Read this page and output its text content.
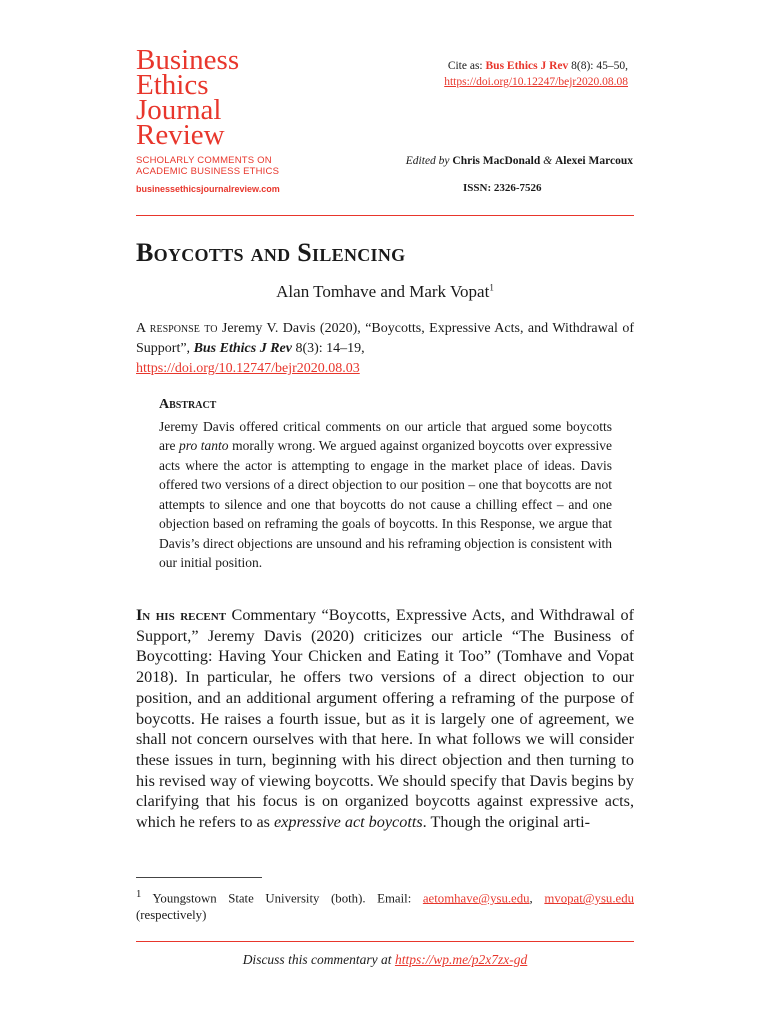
Business
Ethics
Journal
Review
SCHOLARLY COMMENTS ON
ACADEMIC BUSINESS ETHICS
businessethicsjournalreview.com
Cite as: Bus Ethics J Rev 8(8): 45–50,
https://doi.org/10.12247/bejr2020.08.08
Edited by Chris MacDonald & Alexei Marcoux
ISSN: 2326-7526
Boycotts and Silencing
Alan Tomhave and Mark Vopat$^1$
A response to Jeremy V. Davis (2020), “Boycotts, Expressive Acts, and Withdrawal of Support”, Bus Ethics J Rev 8(3): 14–19,
https://doi.org/10.12747/bejr2020.08.03
Abstract
Jeremy Davis offered critical comments on our article that argued some boycotts are pro tanto morally wrong. We argued against organized boycotts over expressive acts where the actor is attempting to engage in the market place of ideas. Davis offered two versions of a direct objection to our position – one that boycotts are not attempts to silence and one that boycotts do not cause a chilling effect – and one objection based on reframing the goals of boycotts. In this Response, we argue that Davis’s direct objections are unsound and his reframing objection is consistent with our initial position.
In his recent Commentary “Boycotts, Expressive Acts, and Withdrawal of Support,” Jeremy Davis (2020) criticizes our article “The Business of Boycotting: Having Your Chicken and Eating it Too” (Tomhave and Vopat 2018). In particular, he offers two versions of a direct objection to our position, and an additional argument offering a reframing of the purpose of boycotts. He raises a fourth issue, but as it is largely one of agreement, we shall not concern ourselves with that here. In what follows we will consider these issues in turn, beginning with his direct objection and then turning to his revised way of viewing boycotts. We should specify that Davis begins by clarifying that his focus is on organized boycotts against expressive acts, which he refers to as expressive act boycotts. Though the original arti-
$^1$ Youngstown State University (both). Email: aetomhave@ysu.edu, mvopat@ysu.edu (respectively)
Discuss this commentary at https://wp.me/p2x7zx-gd
